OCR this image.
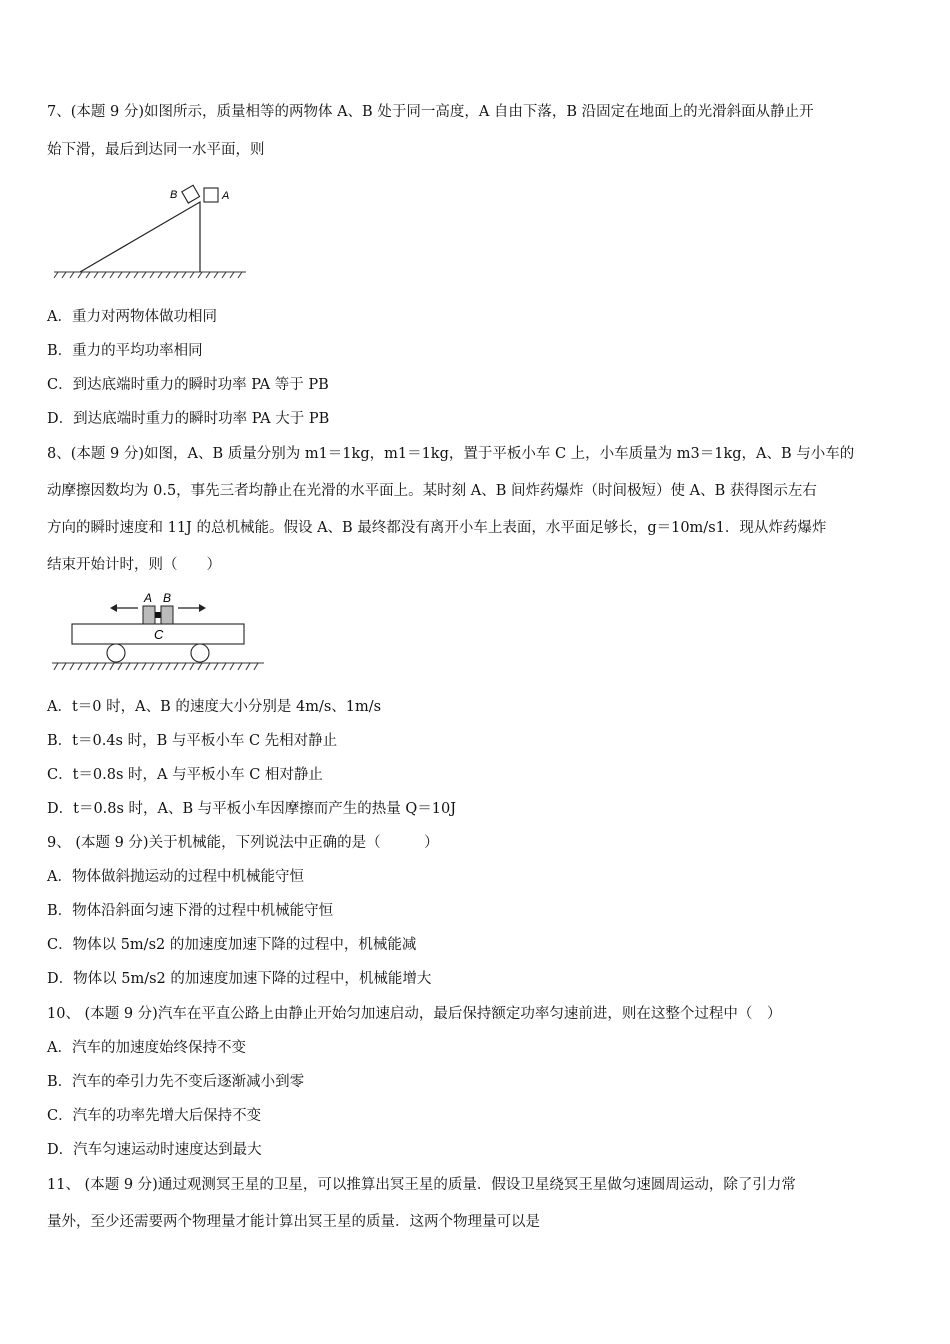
7、(本题 9 分)如图所示，质量相等的两物体 A、B 处于同一高度，A 自由下落，B 沿固定在地面上的光滑斜面从静止开
始下滑，最后到达同一水平面，则
B	A
A．重力对两物体做功相同
B．重力的平均功率相同
C．到达底端时重力的瞬时功率 PA 等于 PB
D．到达底端时重力的瞬时功率 PA 大于 PB
8、(本题 9 分)如图，A、B 质量分别为 m1＝1kg，m1＝1kg，置于平板小车 C 上，小车质量为 m3＝1kg，A、B 与小车的
动摩擦因数均为 0.5，事先三者均静止在光滑的水平面上。某时刻 A、B 间炸药爆炸（时间极短）使 A、B 获得图示左右
方向的瞬时速度和 11J 的总机械能。假设 A、B 最终都没有离开小车上表面，水平面足够长，g＝10m/s1．现从炸药爆炸
结束开始计时，则（　　）
A B
C
A．t＝0 时，A、B 的速度大小分别是 4m/s、1m/s
B．t＝0.4s 时，B 与平板小车 C 先相对静止
C．t＝0.8s 时，A 与平板小车 C 相对静止
D．t＝0.8s 时，A、B 与平板小车因摩擦而产生的热量 Q＝10J
9、 (本题 9 分)关于机械能，下列说法中正确的是（　　　）
A．物体做斜抛运动的过程中机械能守恒
B．物体沿斜面匀速下滑的过程中机械能守恒
C．物体以 5m/s2 的加速度加速下降的过程中，机械能减
D．物体以 5m/s2 的加速度加速下降的过程中，机械能增大
10、 (本题 9 分)汽车在平直公路上由静止开始匀加速启动，最后保持额定功率匀速前进，则在这整个过程中（　）
A．汽车的加速度始终保持不变
B．汽车的牵引力先不变后逐渐减小到零
C．汽车的功率先增大后保持不变
D．汽车匀速运动时速度达到最大
11、 (本题 9 分)通过观测冥王星的卫星，可以推算出冥王星的质量．假设卫星绕冥王星做匀速圆周运动，除了引力常
量外，至少还需要两个物理量才能计算出冥王星的质量．这两个物理量可以是
